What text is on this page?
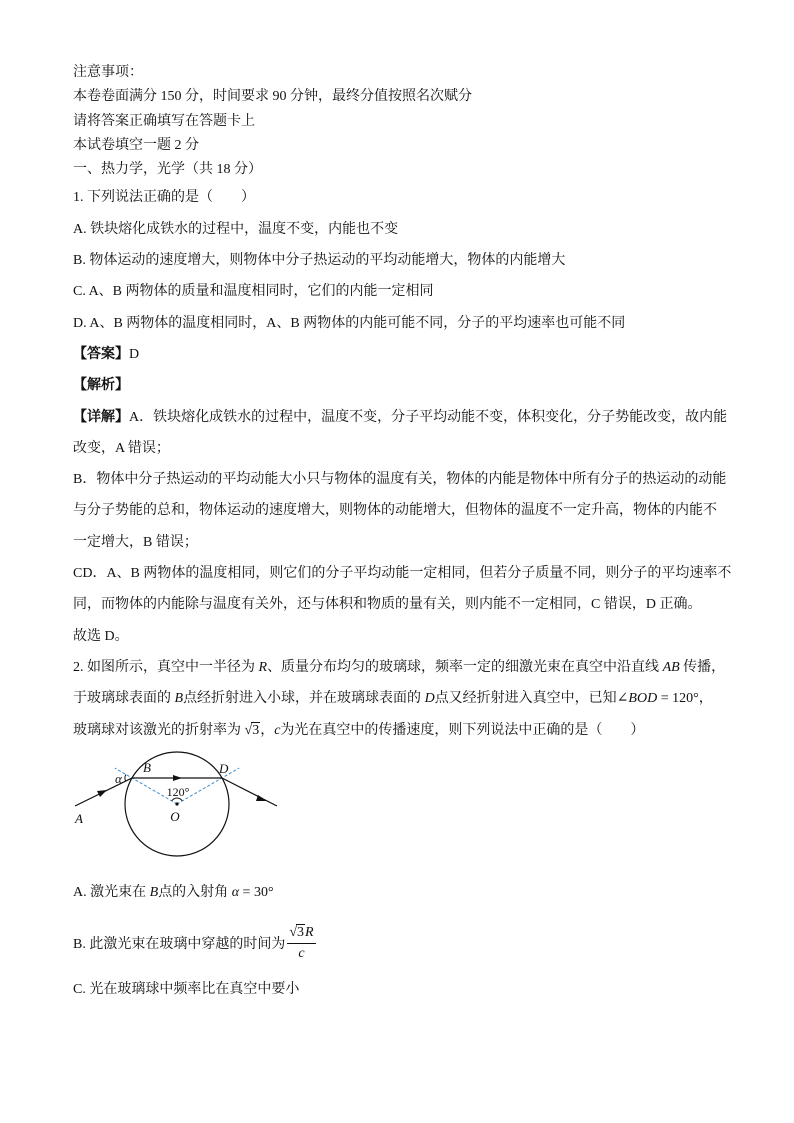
注意事项：
本卷卷面满分 150 分，时间要求 90 分钟，最终分值按照名次赋分
请将答案正确填写在答题卡上
本试卷填空一题 2 分
一、热力学，光学（共 18 分）
1. 下列说法正确的是（　　）
A. 铁块熔化成铁水的过程中，温度不变，内能也不变
B. 物体运动的速度增大，则物体中分子热运动的平均动能增大，物体的内能增大
C. A、B 两物体的质量和温度相同时，它们的内能一定相同
D. A、B 两物体的温度相同时，A、B 两物体的内能可能不同，分子的平均速率也可能不同
【答案】D
【解析】
【详解】A．铁块熔化成铁水的过程中，温度不变，分子平均动能不变，体积变化，分子势能改变，故内能
改变，A 错误；
B．物体中分子热运动的平均动能大小只与物体的温度有关，物体的内能是物体中所有分子的热运动的动能
与分子势能的总和，物体运动的速度增大，则物体的动能增大，但物体的温度不一定升高，物体的内能不
一定增大，B 错误；
CD．A、B 两物体的温度相同，则它们的分子平均动能一定相同，但若分子质量不同，则分子的平均速率不
同，而物体的内能除与温度有关外，还与体积和物质的量有关，则内能不一定相同，C 错误，D 正确。
故选 D。
2. 如图所示，真空中一半径为 R、质量分布均匀的玻璃球，频率一定的细激光束在真空中沿直线 AB 传播，
于玻璃球表面的 B点经折射进入小球，并在玻璃球表面的 D点又经折射进入真空中，已知∠BOD = 120°，
玻璃球对该激光的折射率为 √3，c为光在真空中的传播速度，则下列说法中正确的是（　　）
A
B	D
O
α
120°
A. 激光束在 B点的入射角 α = 30°
B. 此激光束在玻璃中穿越的时间为 $\frac{√3R}{c}$
C. 光在玻璃球中频率比在真空中要小
